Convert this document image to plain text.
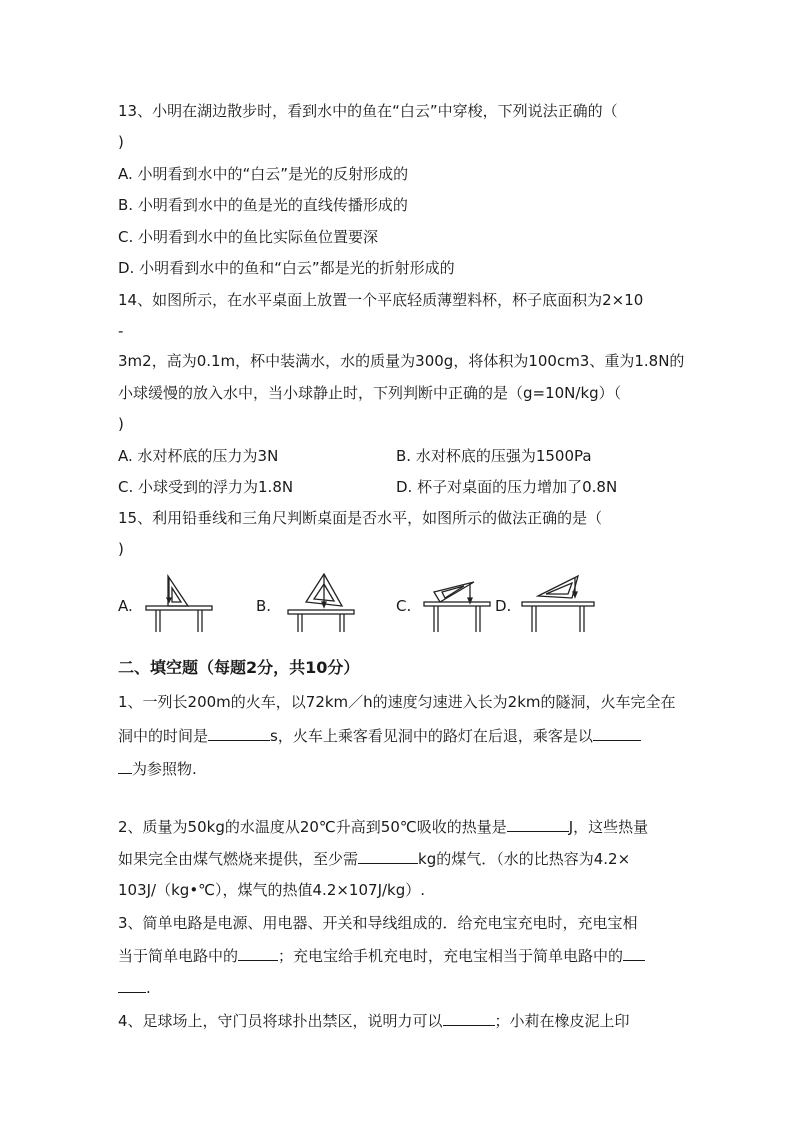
13、小明在湖边散步时，看到水中的鱼在“白云”中穿梭，下列说法正确的（
)
A. 小明看到水中的“白云”是光的反射形成的
B. 小明看到水中的鱼是光的直线传播形成的
C. 小明看到水中的鱼比实际鱼位置要深
D. 小明看到水中的鱼和“白云”都是光的折射形成的
14、如图所示，在水平桌面上放置一个平底轻质薄塑料杯，杯子底面积为2×10
-
3m2，高为0.1m，杯中装满水，水的质量为300g，将体积为100cm3、重为1.8N的
小球缓慢的放入水中，当小球静止时，下列判断中正确的是（g=10N/kg）（
)
A. 水对杯底的压力为3N	B. 水对杯底的压强为1500Pa
C. 小球受到的浮力为1.8N	D. 杯子对桌面的压力增加了0.8N
15、利用铅垂线和三角尺判断桌面是否水平，如图所示的做法正确的是（
)
A.	B.	C.	D.
二、填空题（每题2分，共10分）
1、一列长200m的火车，以72km／h的速度匀速进入长为2km的隧洞，火车完全在
洞中的时间是	s，火车上乘客看见洞中的路灯在后退，乘客是以
为参照物.
2、质量为50kg的水温度从20℃升高到50℃吸收的热量是	J，这些热量
如果完全由煤气燃烧来提供，至少需	kg的煤气．（水的比热容为4.2×
103J/（kg•℃），煤气的热值4.2×107J/kg）.
3、简单电路是电源、用电器、开关和导线组成的．给充电宝充电时，充电宝相
当于简单电路中的	；充电宝给手机充电时，充电宝相当于简单电路中的
.
4、足球场上，守门员将球扑出禁区，说明力可以	；小莉在橡皮泥上印
